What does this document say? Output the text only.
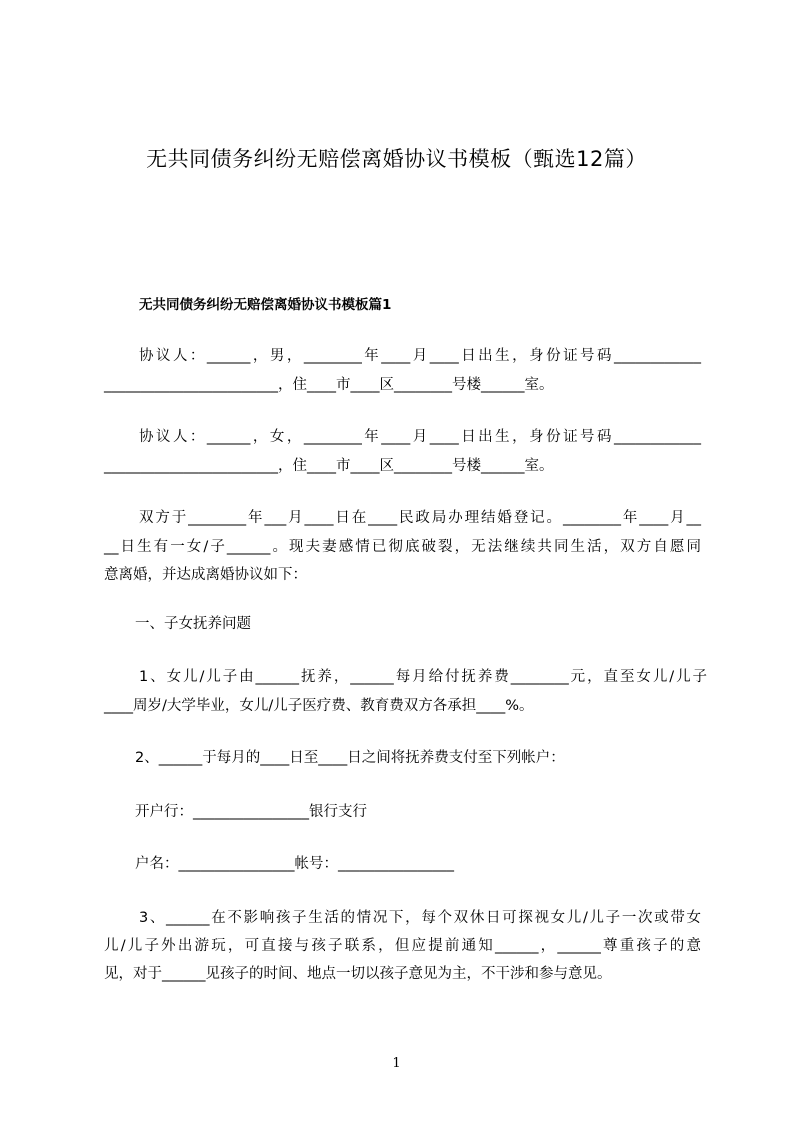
无共同债务纠纷无赔偿离婚协议书模板（甄选12篇）
无共同债务纠纷无赔偿离婚协议书模板篇1
协议人：______，男，________年____月____日出生，身份证号码____________
________________________，住____市____区________号楼______室。
协议人：______，女，________年____月____日出生，身份证号码____________
________________________，住____市____区________号楼______室。
双方于________年___月____日在____民政局办理结婚登记。________年____月__
__日生有一女/子______。现夫妻感情已彻底破裂，无法继续共同生活，双方自愿同
意离婚，并达成离婚协议如下：
一、子女抚养问题
1、女儿/儿子由______抚养，______每月给付抚养费________元，直至女儿/儿子
____周岁/大学毕业，女儿/儿子医疗费、教育费双方各承担____%。
2、______于每月的____日至____日之间将抚养费支付至下列帐户：
开户行：________________银行支行
户名：________________帐号：________________
3、______在不影响孩子生活的情况下，每个双休日可探视女儿/儿子一次或带女
儿/儿子外出游玩，可直接与孩子联系，但应提前通知______，______尊重孩子的意
见，对于______见孩子的时间、地点一切以孩子意见为主，不干涉和参与意见。
1
